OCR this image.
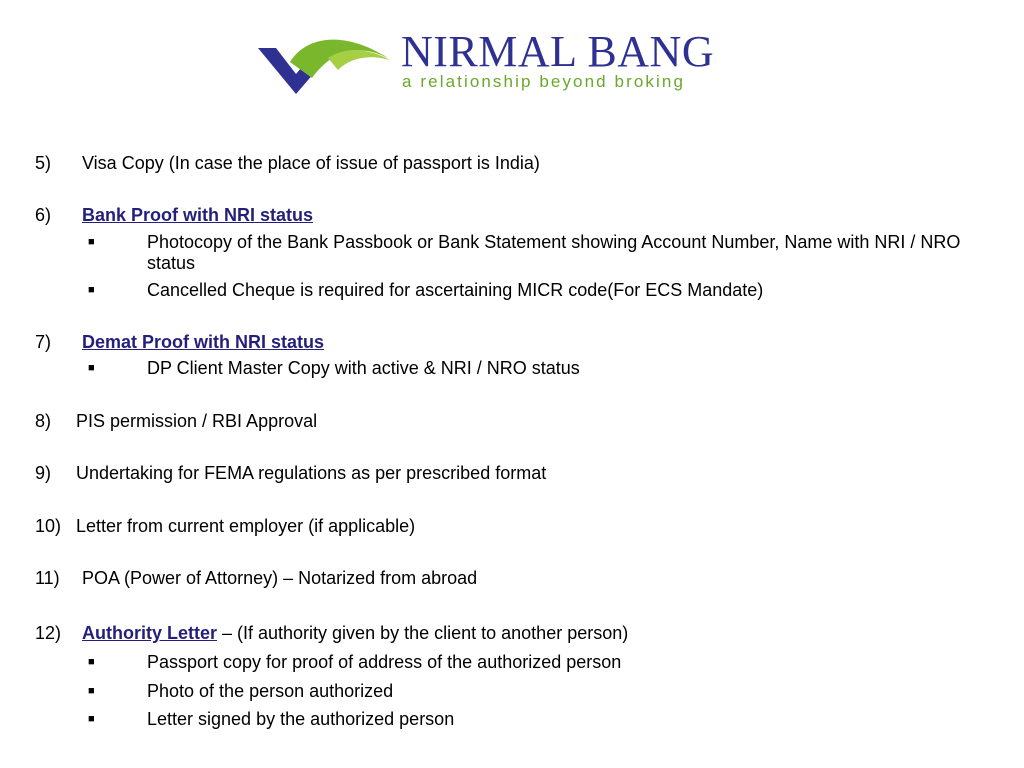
NIRMAL BANG
a relationship beyond broking
5) Visa Copy (In case the place of issue of passport is India)
6) Bank Proof with NRI status
■	Photocopy of the Bank Passbook or Bank Statement showing Account Number, Name with NRI / NRO status
■	Cancelled Cheque is required for ascertaining MICR code(For ECS Mandate)
7) Demat Proof with NRI status
■	DP Client Master Copy with active & NRI / NRO status
8) PIS permission / RBI Approval
9) Undertaking for FEMA regulations as per prescribed format
10) Letter from current employer (if applicable)
11) POA (Power of Attorney) – Notarized from abroad
12) Authority Letter – (If authority given by the client to another person)
■	Passport copy for proof of address of the authorized person
■	Photo of the person authorized
■	Letter signed by the authorized person
